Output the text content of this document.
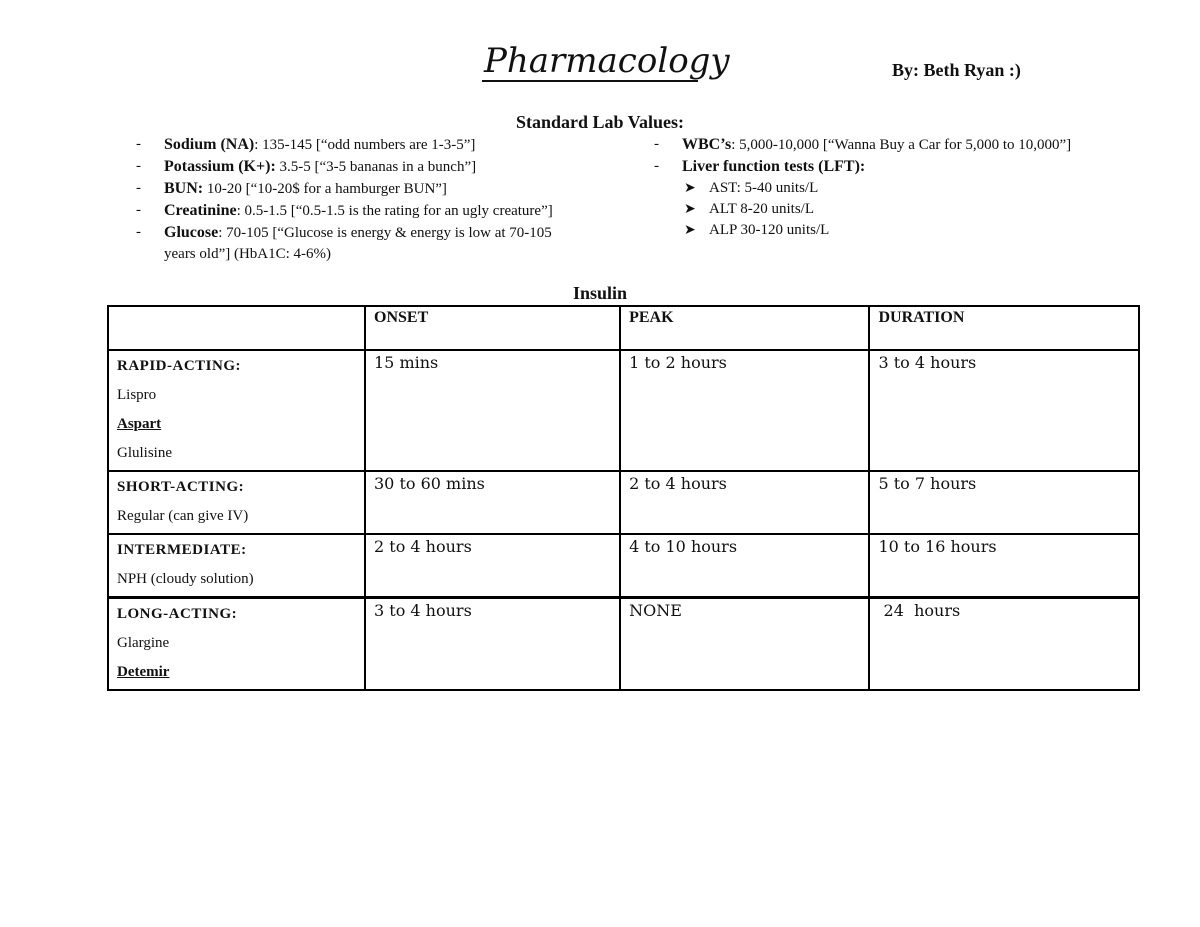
Pharmacology	By: Beth Ryan :)
Standard Lab Values:
- Sodium (NA): 135-145 [“odd numbers are 1-3-5”]
- Potassium (K+): 3.5-5 [“3-5 bananas in a bunch”]
- BUN: 10-20 [“10-20$ for a hamburger BUN”]
- Creatinine: 0.5-1.5 [“0.5-1.5 is the rating for an ugly creature”]
- Glucose: 70-105 [“Glucose is energy & energy is low at 70-105 years old”] (HbA1C: 4-6%)
- WBC’s: 5,000-10,000 [“Wanna Buy a Car for 5,000 to 10,000”]
- Liver function tests (LFT):
➤ AST: 5-40 units/L
➤ ALT 8-20 units/L
➤ ALP 30-120 units/L
Insulin
	ONSET	PEAK	DURATION

RAPID-ACTING:
Lispro
Aspart
Glulisine	15 mins	1 to 2 hours	3 to 4 hours

SHORT-ACTING:
Regular (can give IV)	30 to 60 mins	2 to 4 hours	5 to 7 hours

INTERMEDIATE:
NPH (cloudy solution)	2 to 4 hours	4 to 10 hours	10 to 16 hours

LONG-ACTING:
Glargine
Detemir	3 to 4 hours	NONE	24  hours
